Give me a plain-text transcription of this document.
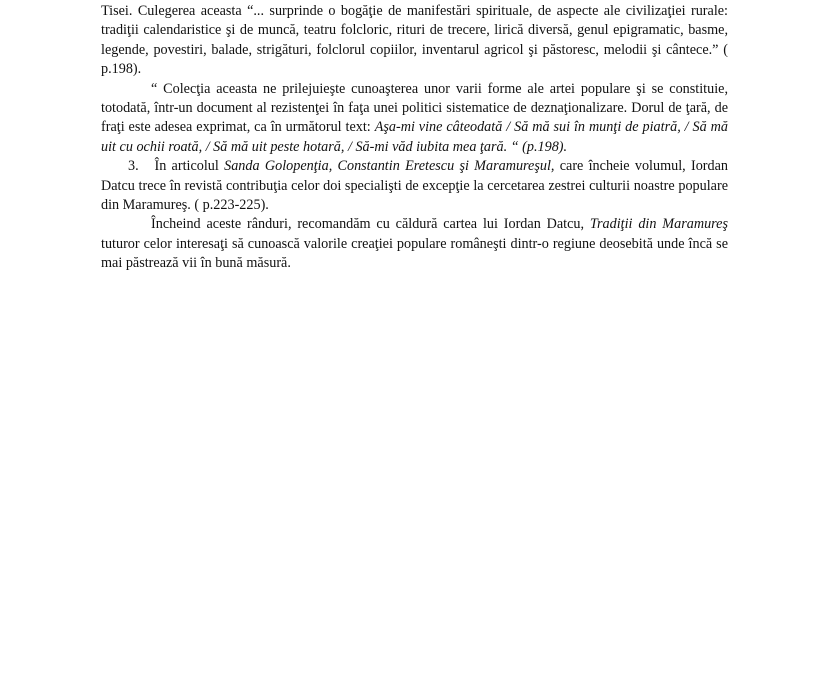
Tisei. Culegerea aceasta “... surprinde o bogăţie de manifestări spirituale, de aspecte ale civilizaţiei rurale: tradiţii calendaristice şi de muncă, teatru folcloric, rituri de trecere, lirică diversă, genul epigramatic, basme, legende, povestiri, balade, strigături, folclorul copiilor, inventarul agricol şi păstoresc, melodii şi cântece.” ( p.198).

“ Colecţia aceasta ne prilejuieşte cunoaşterea unor varii forme ale artei populare şi se constituie, totodată, într-un document al rezistenţei în faţa unei politici sistematice de deznaţionalizare. Dorul de ţară, de fraţi este adesea exprimat, ca în următorul text: Aşa-mi vine câteodată / Să mă sui în munţi de piatră, / Să mă uit cu ochii roată, / Să mă uit peste hotară, / Să-mi văd iubita mea ţară. “ (p.198).

3. În articolul Sanda Golopenţia, Constantin Eretescu şi Maramureşul, care încheie volumul, Iordan Datcu trece în revistă contribuţia celor doi specialişti de excepţie la cercetarea zestrei culturii noastre populare din Maramureş. ( p.223-225).

Încheind aceste rânduri, recomandăm cu căldură cartea lui Iordan Datcu, Tradiţii din Maramureş tuturor celor interesaţi să cunoască valorile creaţiei populare româneşti dintr-o regiune deosebită unde încă se mai păstrează vii în bună măsură.
